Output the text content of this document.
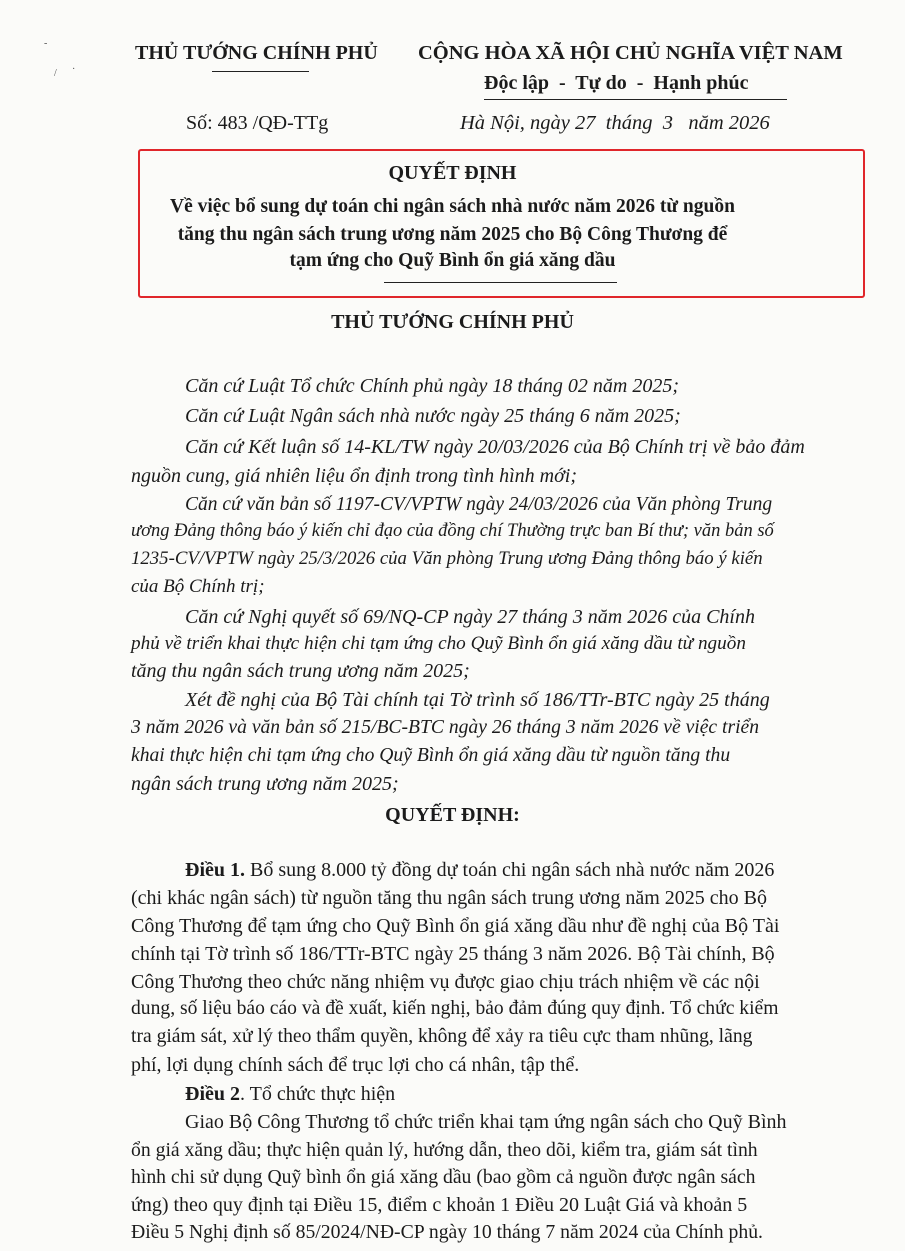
-
/ ·
THỦ TƯỚNG CHÍNH PHỦ CỘNG HÒA XÃ HỘI CHỦ NGHĨA VIỆT NAM
Độc lập  -  Tự do  -  Hạnh phúc
Số: 483 /QĐ-TTg	Hà Nội, ngày 27  tháng  3   năm 2026
QUYẾT ĐỊNH
Về việc bổ sung dự toán chi ngân sách nhà nước năm 2026 từ nguồn
tăng thu ngân sách trung ương năm 2025 cho Bộ Công Thương để
tạm ứng cho Quỹ Bình ổn giá xăng dầu
THỦ TƯỚNG CHÍNH PHỦ
Căn cứ Luật Tổ chức Chính phủ ngày 18 tháng 02 năm 2025;
Căn cứ Luật Ngân sách nhà nước ngày 25 tháng 6 năm 2025;
Căn cứ Kết luận số 14-KL/TW ngày 20/03/2026 của Bộ Chính trị về bảo đảm
nguồn cung, giá nhiên liệu ổn định trong tình hình mới;
Căn cứ văn bản số 1197-CV/VPTW ngày 24/03/2026 của Văn phòng Trung
ương Đảng thông báo ý kiến chỉ đạo của đồng chí Thường trực ban Bí thư; văn bản số
1235-CV/VPTW ngày 25/3/2026 của Văn phòng Trung ương Đảng thông báo ý kiến
của Bộ Chính trị;
Căn cứ Nghị quyết số 69/NQ-CP ngày 27 tháng 3 năm 2026 của Chính
phủ về triển khai thực hiện chi tạm ứng cho Quỹ Bình ổn giá xăng dầu từ nguồn
tăng thu ngân sách trung ương năm 2025;
Xét đề nghị của Bộ Tài chính tại Tờ trình số 186/TTr-BTC ngày 25 tháng
3 năm 2026 và văn bản số 215/BC-BTC ngày 26 tháng 3 năm 2026 về việc triển
khai thực hiện chi tạm ứng cho Quỹ Bình ổn giá xăng dầu từ nguồn tăng thu
ngân sách trung ương năm 2025;
QUYẾT ĐỊNH:
Điều 1. Bổ sung 8.000 tỷ đồng dự toán chi ngân sách nhà nước năm 2026
(chi khác ngân sách) từ nguồn tăng thu ngân sách trung ương năm 2025 cho Bộ
Công Thương để tạm ứng cho Quỹ Bình ổn giá xăng dầu như đề nghị của Bộ Tài
chính tại Tờ trình số 186/TTr-BTC ngày 25 tháng 3 năm 2026. Bộ Tài chính, Bộ
Công Thương theo chức năng nhiệm vụ được giao chịu trách nhiệm về các nội
dung, số liệu báo cáo và đề xuất, kiến nghị, bảo đảm đúng quy định. Tổ chức kiểm
tra giám sát, xử lý theo thẩm quyền, không để xảy ra tiêu cực tham nhũng, lãng
phí, lợi dụng chính sách để trục lợi cho cá nhân, tập thể.
Điều 2. Tổ chức thực hiện
Giao Bộ Công Thương tổ chức triển khai tạm ứng ngân sách cho Quỹ Bình
ổn giá xăng dầu; thực hiện quản lý, hướng dẫn, theo dõi, kiểm tra, giám sát tình
hình chi sử dụng Quỹ bình ổn giá xăng dầu (bao gồm cả nguồn được ngân sách
ứng) theo quy định tại Điều 15, điểm c khoản 1 Điều 20 Luật Giá và khoản 5
Điều 5 Nghị định số 85/2024/NĐ-CP ngày 10 tháng 7 năm 2024 của Chính phủ.
